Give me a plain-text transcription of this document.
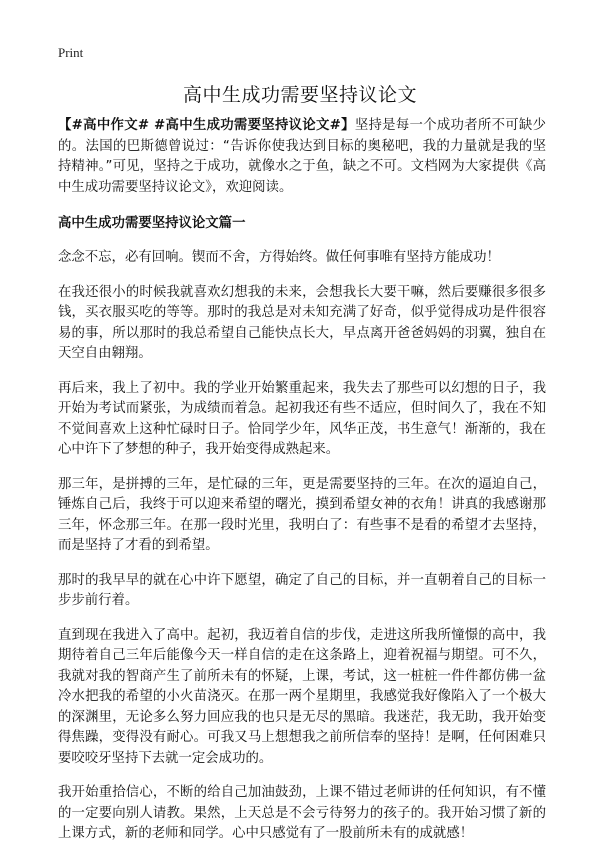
Print
高中生成功需要坚持议论文

【#高中作文# #高中生成功需要坚持议论文#】坚持是每一个成功者所不可缺少的。法国的巴斯德曾说过：“告诉你使我达到目标的奥秘吧，我的力量就是我的坚持精神。”可见，坚持之于成功，就像水之于鱼，缺之不可。文档网为大家提供《高中生成功需要坚持议论文》，欢迎阅读。

高中生成功需要坚持议论文篇一

念念不忘，必有回响。锲而不舍，方得始终。做任何事唯有坚持方能成功！

在我还很小的时候我就喜欢幻想我的未来，会想我长大要干嘛，然后要赚很多很多钱，买衣服买吃的等等。那时的我总是对未知充满了好奇，似乎觉得成功是件很容易的事，所以那时的我总希望自己能快点长大，早点离开爸爸妈妈的羽翼，独自在天空自由翱翔。

再后来，我上了初中。我的学业开始繁重起来，我失去了那些可以幻想的日子，我开始为考试而紧张，为成绩而着急。起初我还有些不适应，但时间久了，我在不知不觉间喜欢上这种忙碌时日子。恰同学少年，风华正茂，书生意气！渐渐的，我在心中许下了梦想的种子，我开始变得成熟起来。

那三年，是拼搏的三年，是忙碌的三年，更是需要坚持的三年。在次的逼迫自己，锤炼自己后，我终于可以迎来希望的曙光，摸到希望女神的衣角！讲真的我感谢那三年，怀念那三年。在那一段时光里，我明白了：有些事不是看的希望才去坚持，而是坚持了才看的到希望。

那时的我早早的就在心中许下愿望，确定了自己的目标，并一直朝着自己的目标一步步前行着。

直到现在我进入了高中。起初，我迈着自信的步伐，走进这所我所憧憬的高中，我期待着自己三年后能像今天一样自信的走在这条路上，迎着祝福与期望。可不久，我就对我的智商产生了前所未有的怀疑，上课，考试，这一桩桩一件件都仿佛一盆冷水把我的希望的小火苗浇灭。在那一两个星期里，我感觉我好像陷入了一个极大的深渊里，无论多么努力回应我的也只是无尽的黑暗。我迷茫，我无助，我开始变得焦躁，变得没有耐心。可我又马上想想我之前所信奉的坚持！是啊，任何困难只要咬咬牙坚持下去就一定会成功的。

我开始重拾信心，不断的给自己加油鼓劲，上课不错过老师讲的任何知识，有不懂的一定要向别人请教。果然，上天总是不会亏待努力的孩子的。我开始习惯了新的上课方式，新的老师和同学。心中只感觉有了一股前所未有的成就感！
